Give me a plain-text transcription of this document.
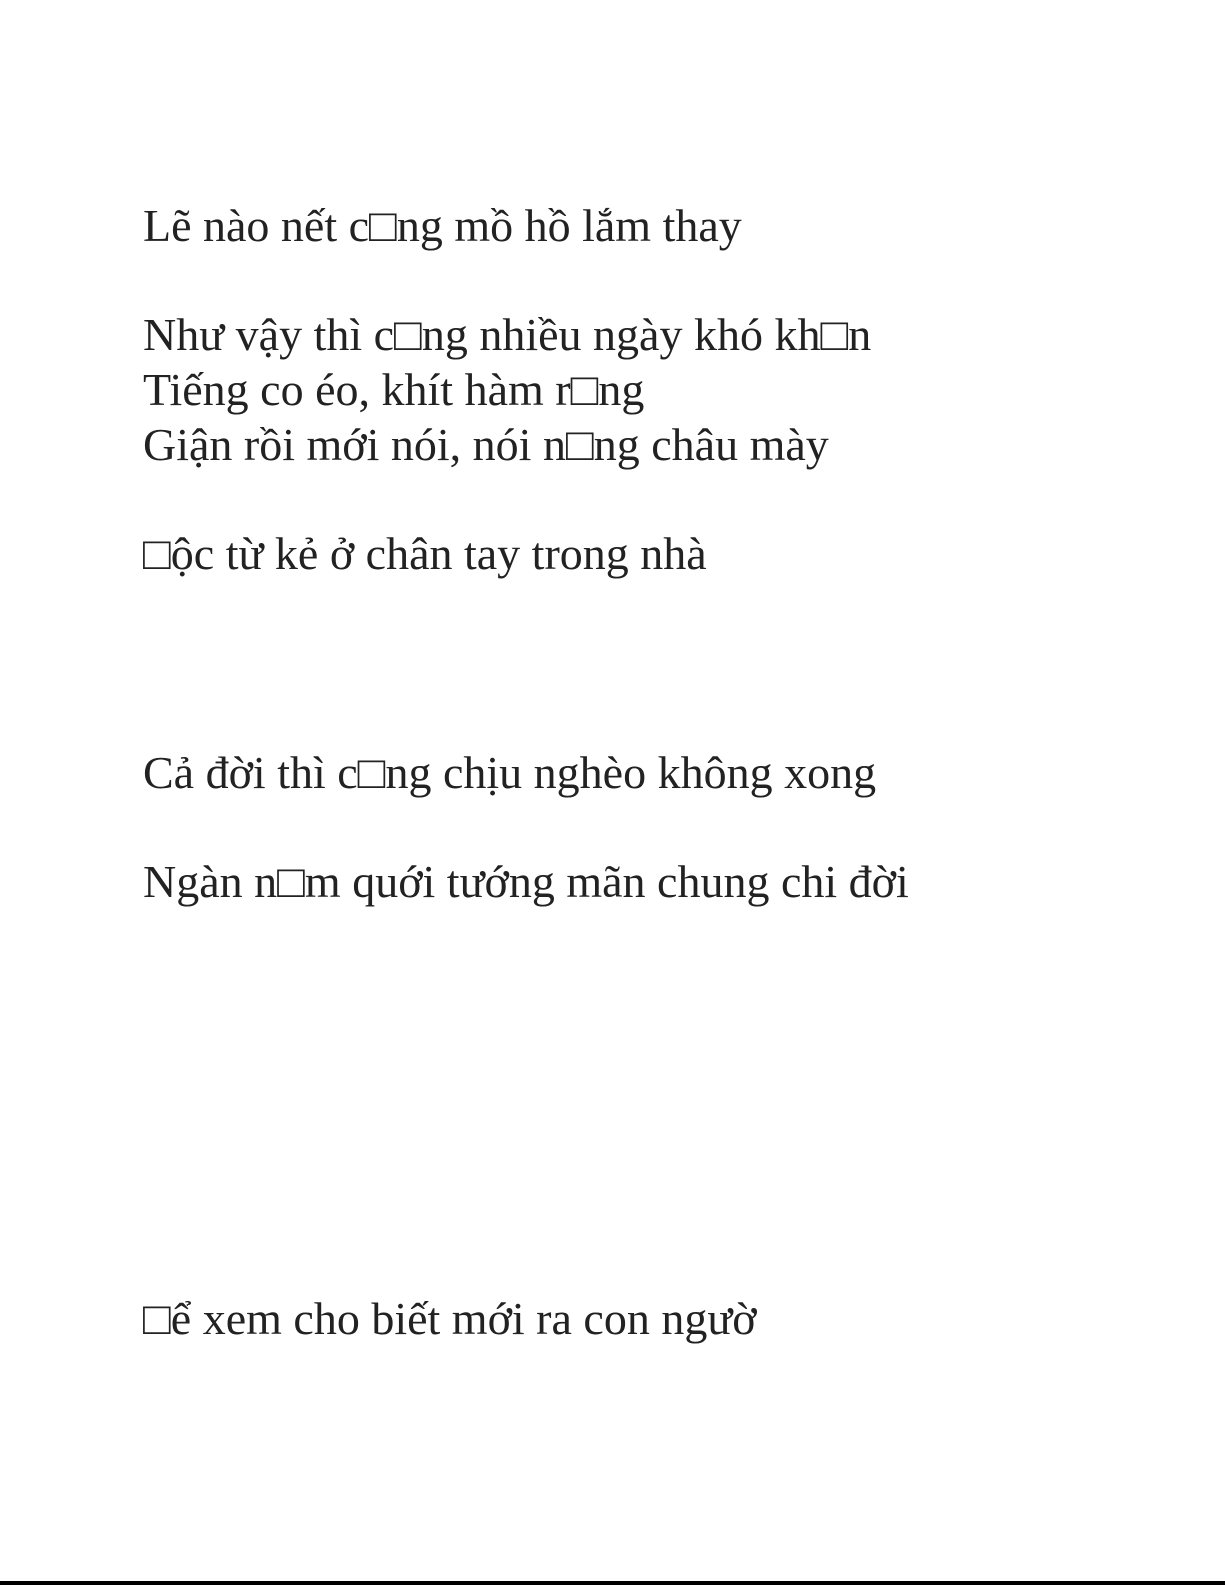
Lẽ nào nết c□ng mồ hồ lắm thay

Như vậy thì c□ng nhiều ngày khó kh□n

Tiếng co éo, khít hàm r□ng

Giận rồi mới nói, nói n□ng châu mày

□ộc từ kẻ ở chân tay trong nhà

Cả đời thì c□ng chịu nghèo không xong

Ngàn n□m quới tướng mãn chung chi đời

□ể xem cho biết mới ra con ngườ
